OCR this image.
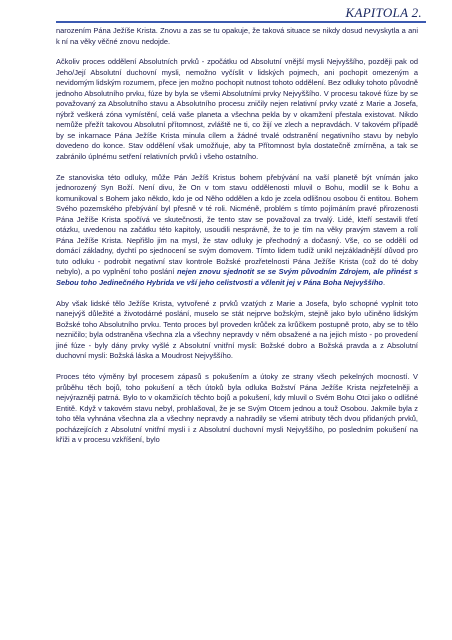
KAPITOLA 2.

narozením Pána Ježíše Krista. Znovu a zas se tu opakuje, že taková situace se nikdy dosud nevyskytla a ani k ní na věky věčné znovu nedojde.

Ačkoliv proces oddělení Absolutních prvků - zpočátku od Absolutní vnější mysli Nejvyššího, později pak od Jeho/Její Absolutní duchovní mysli, nemožno vyčíslit v lidských pojmech, ani pochopit omezeným a nevidomým lidským rozumem, přece jen možno pochopit nutnost tohoto oddělení. Bez odluky tohoto původně jednoho Absolutního prvku, fúze by byla se všemi Absolutními prvky Nejvyššího. V procesu takové fúze by se považovaný za Absolutního stavu a Absolutního procesu zničily nejen relativní prvky vzaté z Marie a Josefa, nýbrž veškerá zóna vymístění, celá vaše planeta a všechna pekla by v okamžení přestala existovat. Nikdo nemůže přežít takovou Absolutní přítomnost, zvláště ne ti, co žijí ve zlech a nepravdách. V takovém případě by se inkarnace Pána Ježíše Krista minula cílem a žádné trvalé odstranění negativního stavu by nebylo dovedeno do konce. Stav oddělení však umožňuje, aby ta Přítomnost byla dostatečně zmírněna, a tak se zabránilo úplnému setření relativních prvků i všeho ostatního.

Ze stanoviska této odluky, může Pán Ježíš Kristus bohem přebývání na vaší planetě být vnímán jako jednorozený Syn Boží. Není divu, že On v tom stavu oddělenosti mluvil o Bohu, modlil se k Bohu a komunikoval s Bohem jako někdo, kdo je od Něho oddělen a kdo je zcela odlišnou osobou či entitou. Bohem Svého pozemského přebývání byl přesně v té roli. Nicméně, problém s tímto pojímáním pravé přirozenosti Pána Ježíše Krista spočívá ve skutečnosti, že tento stav se považoval za trvalý. Lidé, kteří sestavili třetí otázku, uvedenou na začátku této kapitoly, usoudili nesprávně, že to je tím na věky pravým stavem a rolí Pána Ježíše Krista. Nepřišlo jim na mysl, že stav odluky je přechodný a dočasný. Vše, co se oddělí od domácí základny, dychtí po sjednocení se svým domovem. Tímto lidem tudíž unikl nejzákladnější důvod pro tuto odluku - podrobit negativní stav kontrole Božské prozřetelnosti Pána Ježíše Krista (což do té doby nebylo), a po vyplnění toho poslání nejen znovu sjednotit se se Svým původním Zdrojem, ale přinést s Sebou toho Jedinečného Hybrida ve vší jeho celistvosti a včlenit jej v Pána Boha Nejvyššího.

Aby však lidské tělo Ježíše Krista, vytvořené z prvků vzatých z Marie a Josefa, bylo schopné vyplnit toto nanejvýš důležité a životodárné poslání, muselo se stát nejprve božským, stejně jako bylo učiněno lidským Božské toho Absolutního prvku. Tento proces byl proveden krůček za krůčkem postupně proto, aby se to tělo nezničilo; byla odstraněna všechna zla a všechny nepravdy v něm obsažené a na jejich místo - po provedení jiné fúze - byly dány prvky vyšlé z Absolutní vnitřní mysli: Božské dobro a Božská pravda a z Absolutní duchovní mysli: Božská láska a Moudrost Nejvyššího.

Proces této výměny byl procesem zápasů s pokušením a útoky ze strany všech pekelných mocností. V průběhu těch bojů, toho pokušení a těch útoků byla odluka Božství Pána Ježíše Krista nejzřetelněji a nejvýrazněji patrná. Bylo to v okamžicích těchto bojů a pokušení, kdy mluvil o Svém Bohu Otci jako o odlišné Entitě. Když v takovém stavu nebyl, prohlašoval, že je se Svým Otcem jednou a touž Osobou. Jakmile byla z toho těla vyhnána všechna zla a všechny nepravdy a nahradily se všemi atributy těch dvou přidaných prvků, pocházejících z Absolutní vnitřní mysli i z Absolutní duchovní mysli Nejvyššího, po posledním pokušení na kříži a v procesu vzkříšení, bylo
